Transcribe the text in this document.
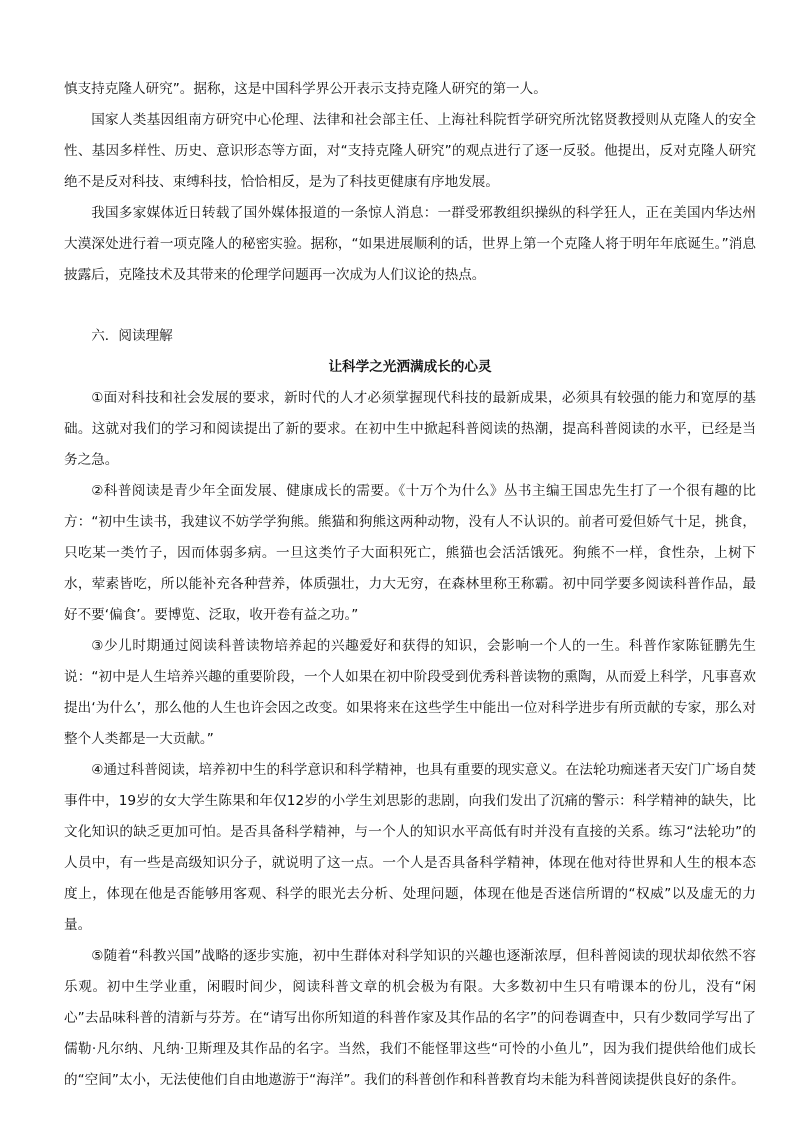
慎支持克隆人研究”。据称，这是中国科学界公开表示支持克隆人研究的第一人。

国家人类基因组南方研究中心伦理、法律和社会部主任、上海社科院哲学研究所沈铭贤教授则从克隆人的安全性、基因多样性、历史、意识形态等方面，对“支持克隆人研究”的观点进行了逐一反驳。他提出，反对克隆人研究绝不是反对科技、束缚科技，恰恰相反，是为了科技更健康有序地发展。

我国多家媒体近日转载了国外媒体报道的一条惊人消息：一群受邪教组织操纵的科学狂人，正在美国内华达州大漠深处进行着一项克隆人的秘密实验。据称，“如果进展顺利的话，世界上第一个克隆人将于明年年底诞生。”消息披露后，克隆技术及其带来的伦理学问题再一次成为人们议论的热点。

六．阅读理解

让科学之光洒满成长的心灵

①面对科技和社会发展的要求，新时代的人才必须掌握现代科技的最新成果，必须具有较强的能力和宽厚的基础。这就对我们的学习和阅读提出了新的要求。在初中生中掀起科普阅读的热潮，提高科普阅读的水平，已经是当务之急。

②科普阅读是青少年全面发展、健康成长的需要。《十万个为什么》丛书主编王国忠先生打了一个很有趣的比方：“初中生读书，我建议不妨学学狗熊。熊猫和狗熊这两种动物，没有人不认识的。前者可爱但娇气十足，挑食，只吃某一类竹子，因而体弱多病。一旦这类竹子大面积死亡，熊猫也会活活饿死。狗熊不一样，食性杂，上树下水，荤素皆吃，所以能补充各种营养，体质强壮，力大无穷，在森林里称王称霸。初中同学要多阅读科普作品，最好不要‘偏食’。要博览、泛取，收开卷有益之功。”

③少儿时期通过阅读科普读物培养起的兴趣爱好和获得的知识，会影响一个人的一生。科普作家陈钲鹏先生说：“初中是人生培养兴趣的重要阶段，一个人如果在初中阶段受到优秀科普读物的熏陶，从而爱上科学，凡事喜欢提出‘为什么’，那么他的人生也许会因之改变。如果将来在这些学生中能出一位对科学进步有所贡献的专家，那么对整个人类都是一大贡献。”

④通过科普阅读，培养初中生的科学意识和科学精神，也具有重要的现实意义。在法轮功痴迷者天安门广场自焚事件中，19岁的女大学生陈果和年仅12岁的小学生刘思影的悲剧，向我们发出了沉痛的警示：科学精神的缺失，比文化知识的缺乏更加可怕。是否具备科学精神，与一个人的知识水平高低有时并没有直接的关系。练习“法轮功”的人员中，有一些是高级知识分子，就说明了这一点。一个人是否具备科学精神，体现在他对待世界和人生的根本态度上，体现在他是否能够用客观、科学的眼光去分析、处理问题，体现在他是否迷信所谓的“权威”以及虚无的力量。

⑤随着“科教兴国”战略的逐步实施，初中生群体对科学知识的兴趣也逐渐浓厚，但科普阅读的现状却依然不容乐观。初中生学业重，闲暇时间少，阅读科普文章的机会极为有限。大多数初中生只有啃课本的份儿，没有“闲心”去品味科普的清新与芬芳。在“请写出你所知道的科普作家及其作品的名字”的问卷调查中，只有少数同学写出了儒勒·凡尔纳、凡纳·卫斯理及其作品的名字。当然，我们不能怪罪这些“可怜的小鱼儿”，因为我们提供给他们成长的“空间”太小，无法使他们自由地遨游于“海洋”。我们的科普创作和科普教育均未能为科普阅读提供良好的条件。
